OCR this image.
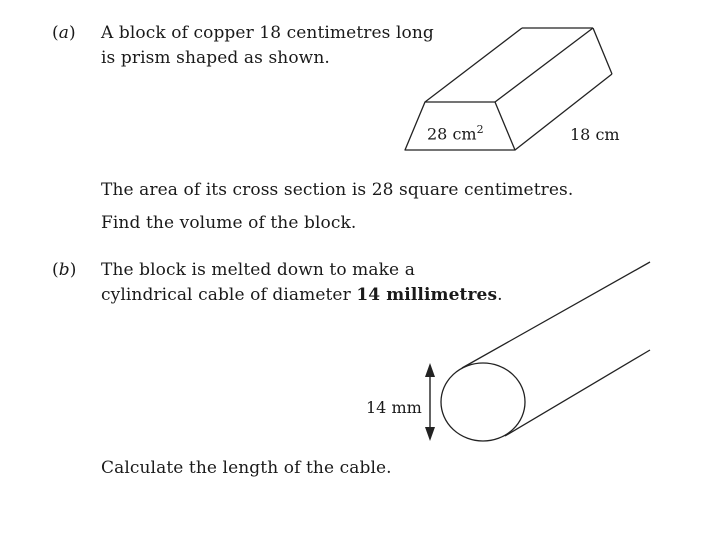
(a) A block of copper 18 centimetres long
is prism shaped as shown.
28 $cm^2$	18 cm
The area of its cross section is 28 square centimetres.
Find the volume of the block.
(b) The block is melted down to make a
cylindrical cable of diameter 14 millimetres.
14 mm
Calculate the length of the cable.
